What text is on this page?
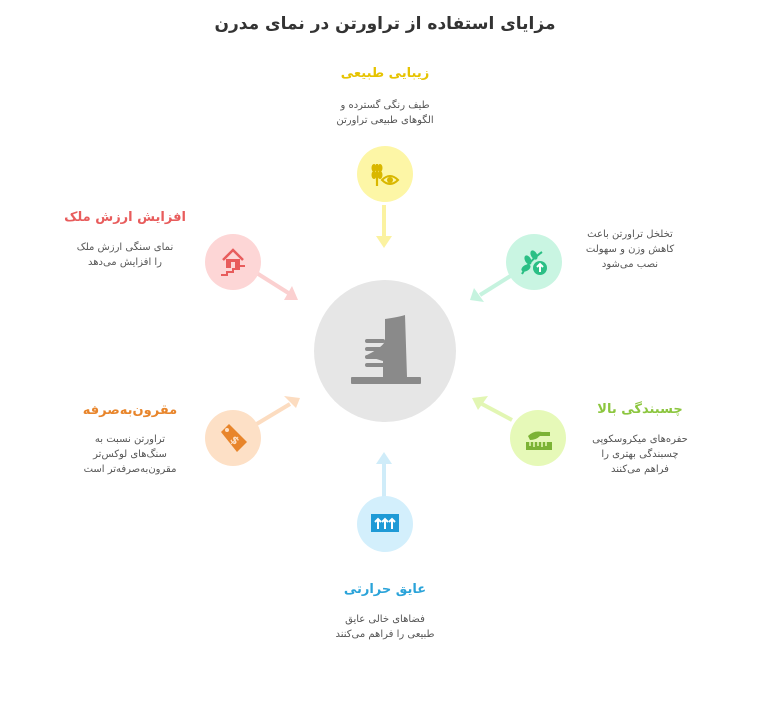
مزایای استفاده از تراورتن در نمای مدرن
زیبایی طبیعی
طیف رنگی گسترده و
الگوهای طبیعی تراورتن
تخلخل تراورتن باعث
کاهش وزن و سهولت
نصب می‌شود
چسبندگی بالا
حفره‌های میکروسکوپی
چسبندگی بهتری را
فراهم می‌کنند
عایق حرارتی
فضاهای خالی عایق
طبیعی را فراهم می‌کنند
مقرون‌به‌صرفه
تراورتن نسبت به
سنگ‌های لوکس‌تر
مقرون‌به‌صرفه‌تر است
$
افزایش ارزش ملک
نمای سنگی ارزش ملک
را افزایش می‌دهد
